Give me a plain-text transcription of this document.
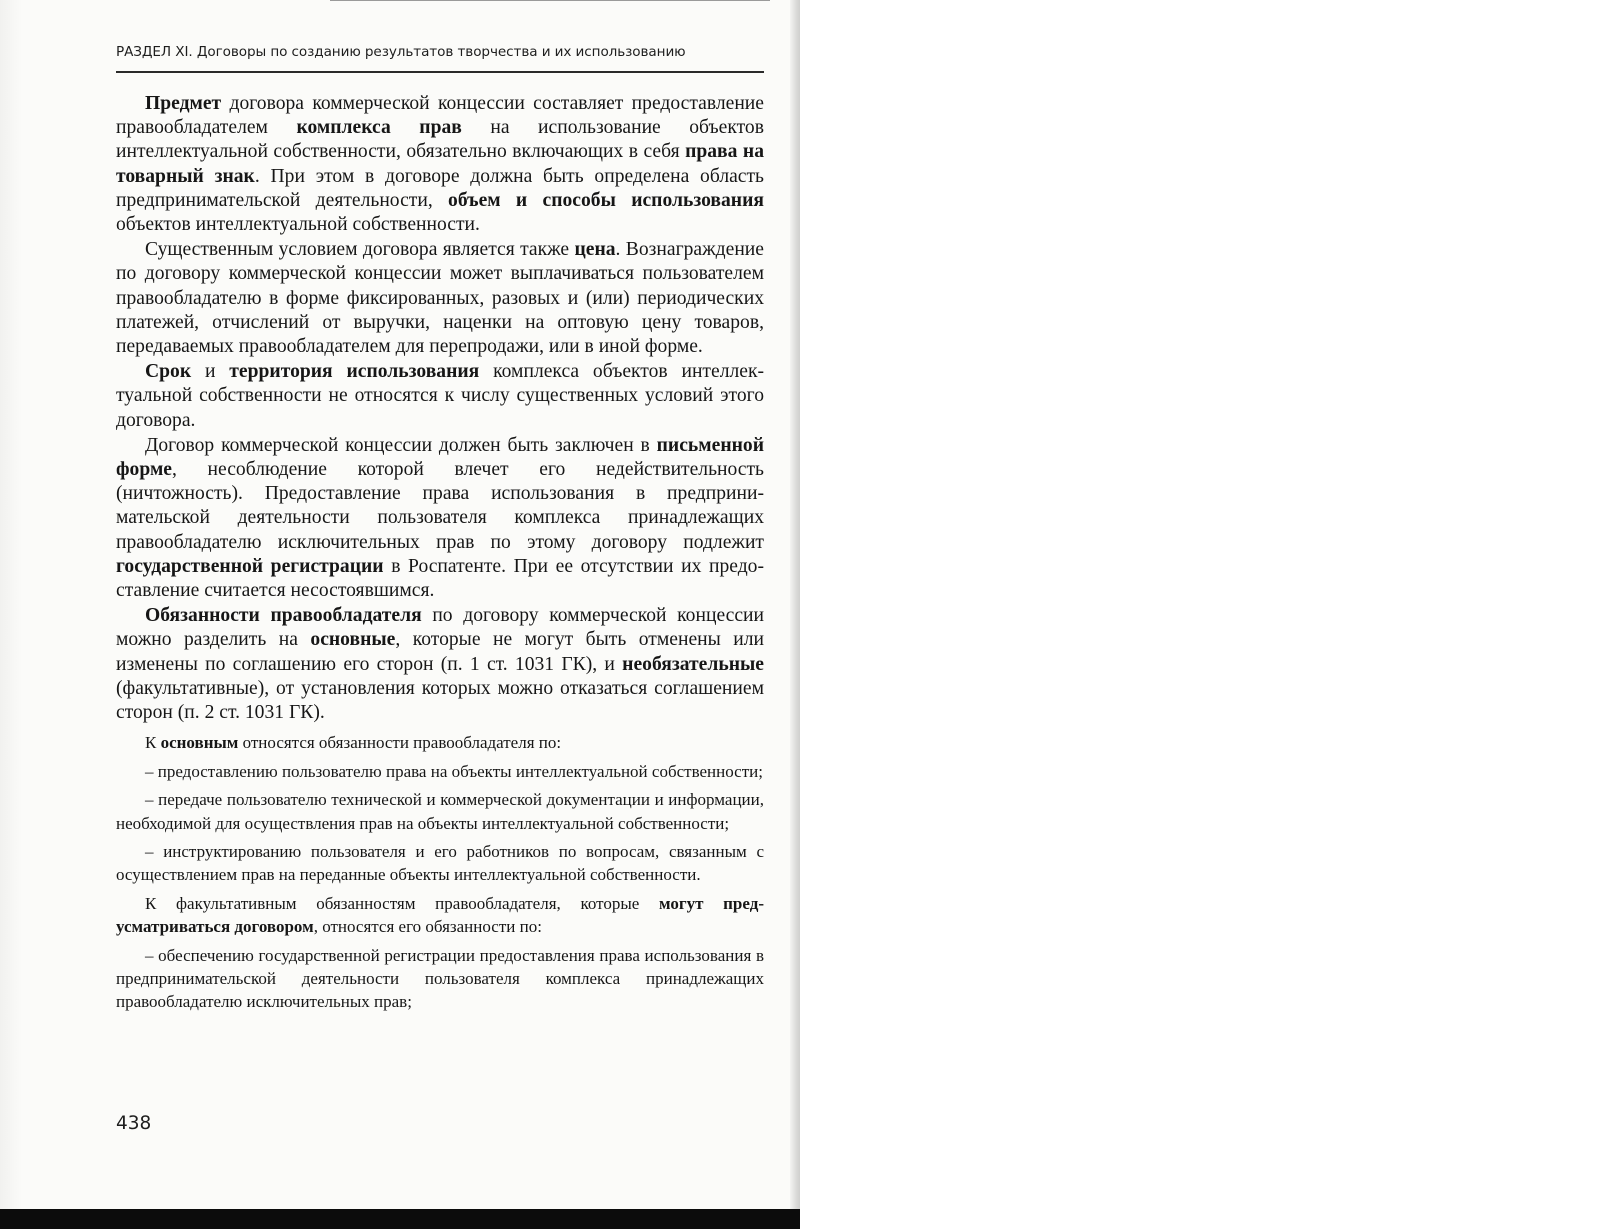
РАЗДЕЛ XI. Договоры по созданию результатов творчества и их использованию

Предмет договора коммерческой концессии составляет предоставление правообладателем комплекса прав на использование объектов интеллектуальной собственности, обязательно включающих в себя права на товарный знак. При этом в договоре должна быть определена область предпринимательской деятельности, объем и способы использования объектов интеллектуальной собственности.

Существенным условием договора является также цена. Вознаграждение по договору коммерческой концессии может выплачиваться пользователем правообладателю в форме фиксированных, разовых и (или) периодических платежей, отчислений от выручки, наценки на оптовую цену товаров, передаваемых правообладателем для перепродажи, или в иной форме.

Срок и территория использования комплекса объектов интеллектуальной собственности не относятся к числу существенных условий этого договора.

Договор коммерческой концессии должен быть заключен в письменной форме, несоблюдение которой влечет его недействительность (ничтожность). Предоставление права использования в предпринимательской деятельности пользователя комплекса принадлежащих правообладателю исключительных прав по этому договору подлежит государственной регистрации в Роспатенте. При ее отсутствии их предоставление считается несостоявшимся.

Обязанности правообладателя по договору коммерческой концессии можно разделить на основные, которые не могут быть отменены или изменены по соглашению его сторон (п. 1 ст. 1031 ГК), и необязательные (факультативные), от установления которых можно отказаться соглашением сторон (п. 2 ст. 1031 ГК).

К основным относятся обязанности правообладателя по:

– предоставлению пользователю права на объекты интеллектуальной собственности;

– передаче пользователю технической и коммерческой документации и информации, необходимой для осуществления прав на объекты интеллектуальной собственности;

– инструктированию пользователя и его работников по вопросам, связанным с осуществлением прав на переданные объекты интеллектуальной собственности.

К факультативным обязанностям правообладателя, которые могут предусматриваться договором, относятся его обязанности по:

– обеспечению государственной регистрации предоставления права использования в предпринимательской деятельности пользователя комплекса принадлежащих правообладателю исключительных прав;

438
